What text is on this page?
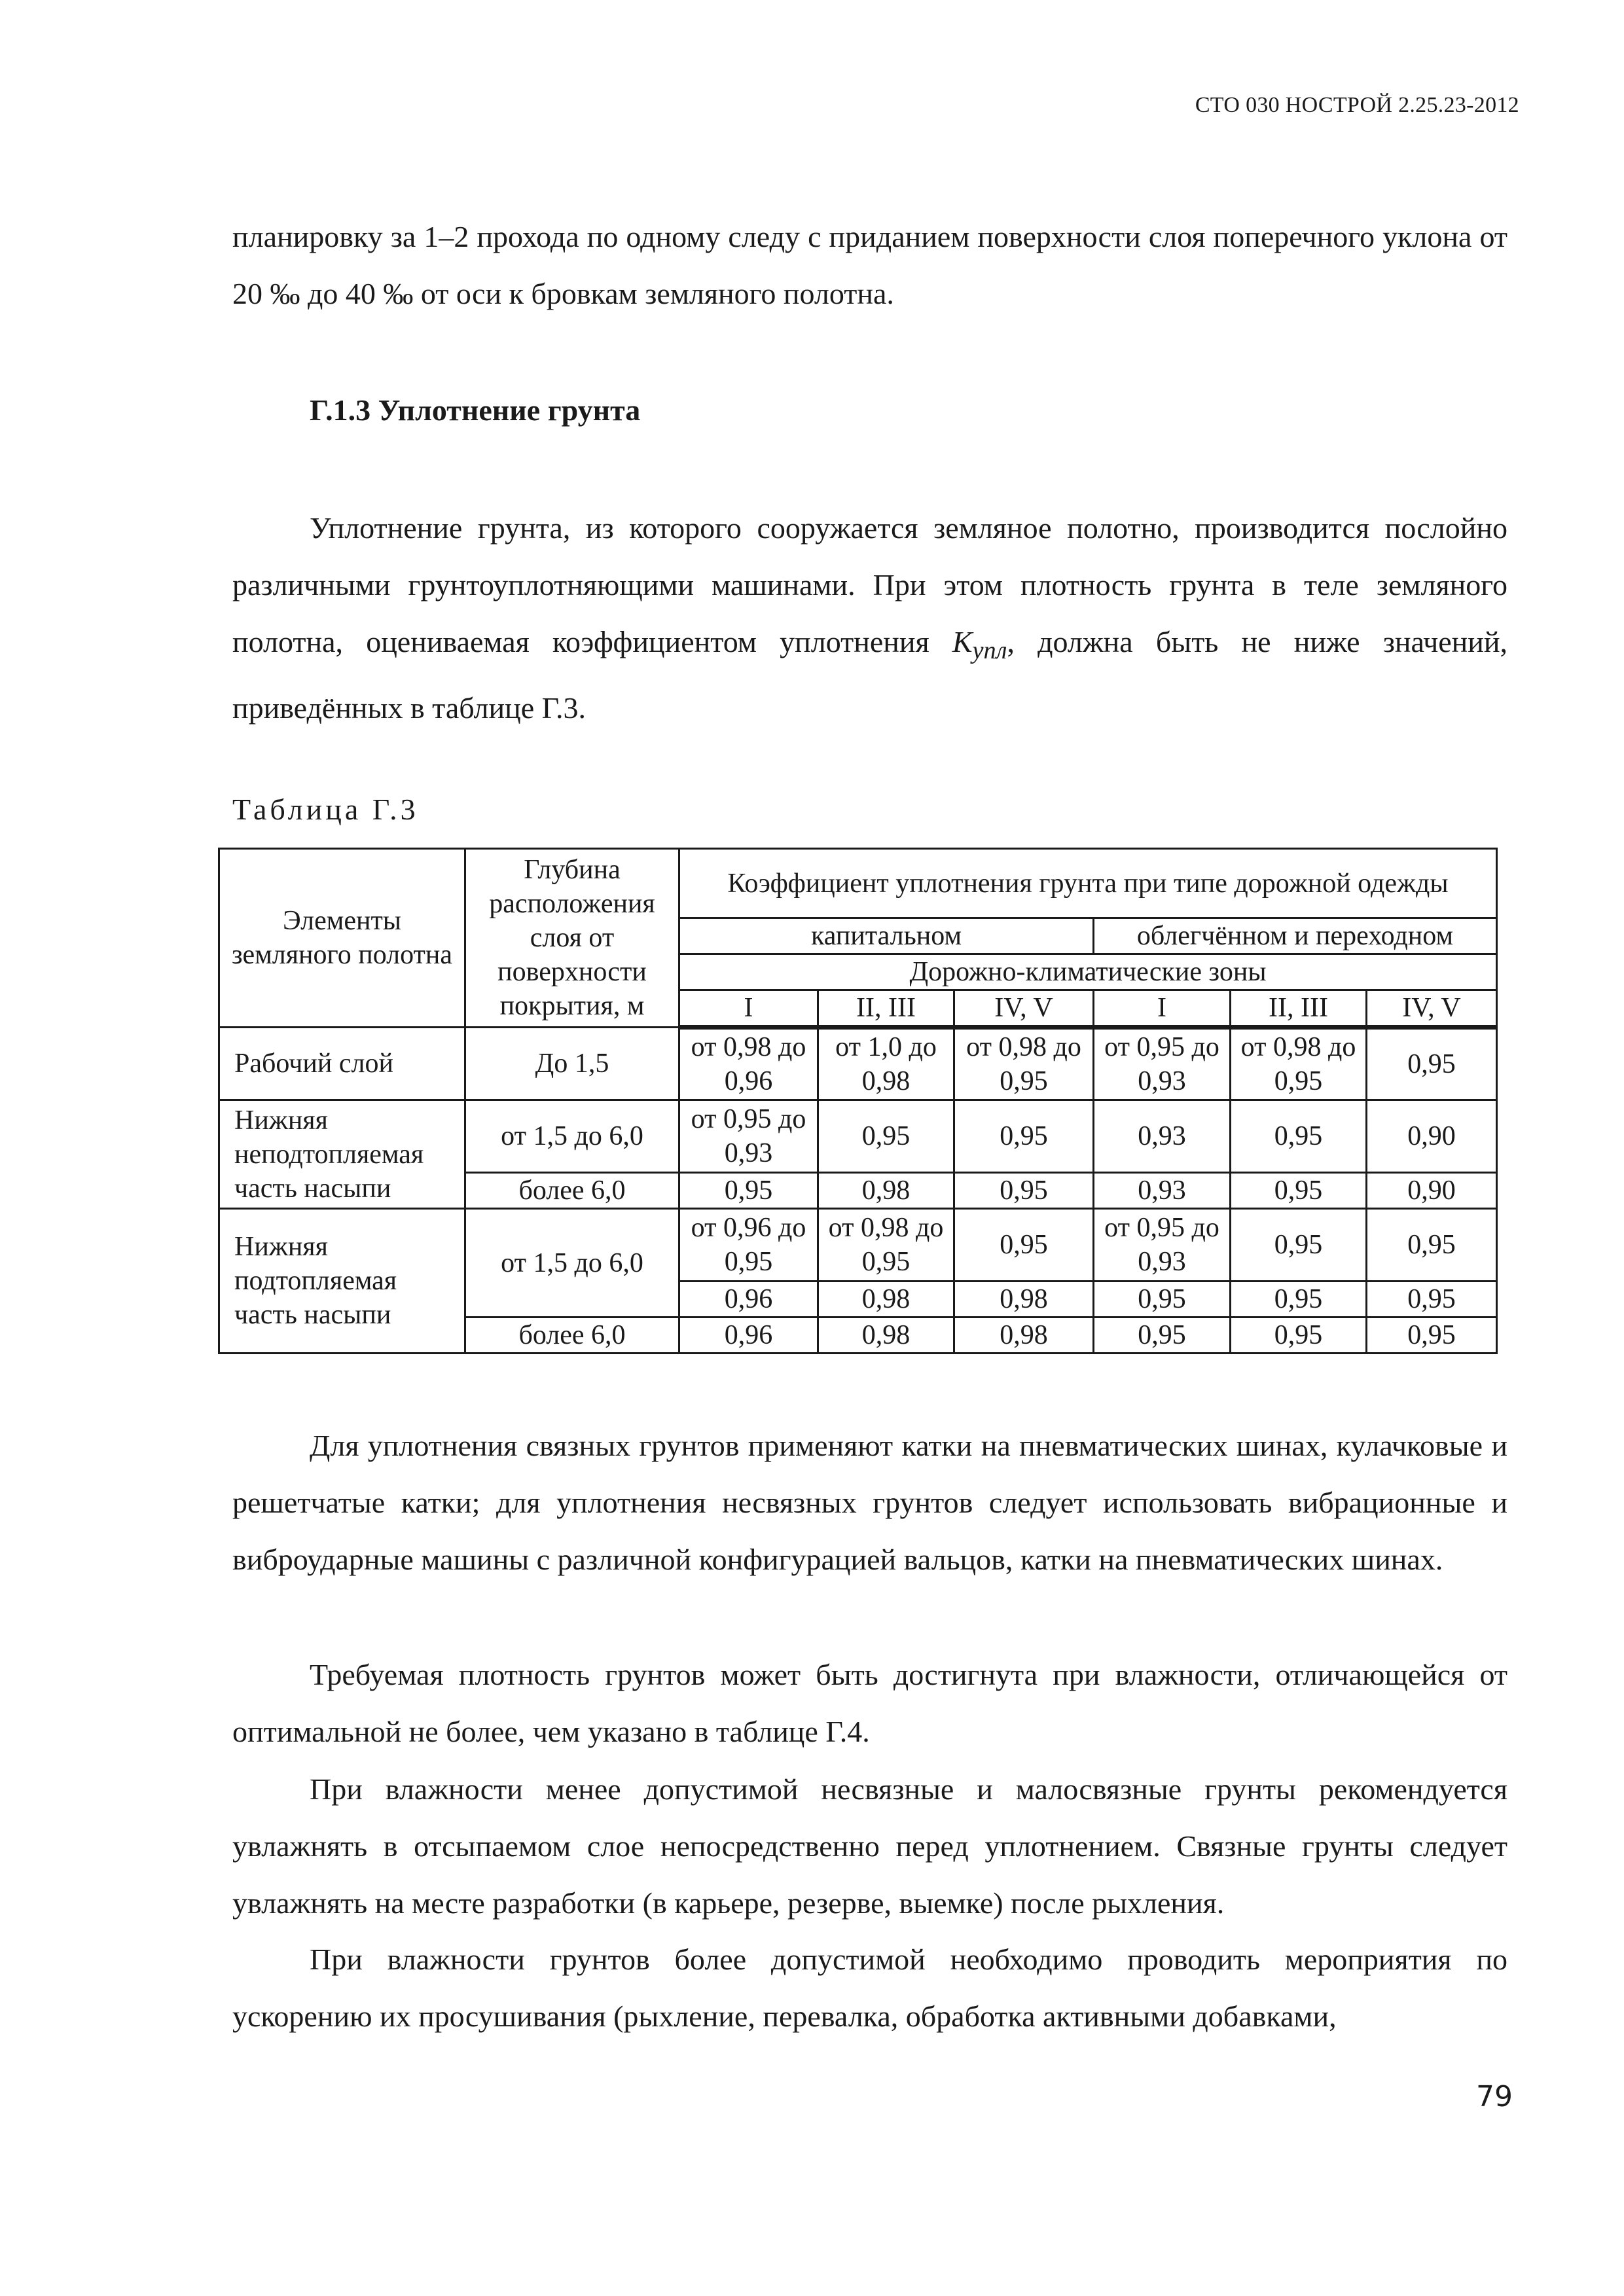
СТО 030 НОСТРОЙ 2.25.23-2012

планировку за 1–2 прохода по одному следу с приданием поверхности слоя поперечного уклона от 20 ‰ до 40 ‰ от оси к бровкам земляного полотна.

Г.1.3 Уплотнение грунта

Уплотнение грунта, из которого сооружается земляное полотно, производится послойно различными грунтоуплотняющими машинами. При этом плотность грунта в теле земляного полотна, оцениваемая коэффициентом уплотнения $K_{упл}$, должна быть не ниже значений, приведённых в таблице Г.3.

Таблица Г.3
Элементы земляного полотна	Глубина расположения слоя от поверхности покрытия, м	Коэффициент уплотнения грунта при типе дорожной одежды					
		капитальном			облегчённом и переходном		
		Дорожно-климатические зоны					
		I	II, III	IV, V	I	II, III	IV, V
Рабочий слой	До 1,5	от 0,98 до 0,96	от 1,0 до 0,98	от 0,98 до 0,95	от 0,95 до 0,93	от 0,98 до 0,95	0,95
Нижняя неподтопляемая часть насыпи	от 1,5 до 6,0	от 0,95 до 0,93	0,95	0,95	0,93	0,95	0,90
	более 6,0	0,95	0,98	0,95	0,93	0,95	0,90
Нижняя подтопляемая часть насыпи	от 1,5 до 6,0	от 0,96 до 0,95	от 0,98 до 0,95	0,95	от 0,95 до 0,93	0,95	0,95
		0,96	0,98	0,98	0,95	0,95	0,95
	более 6,0	0,96	0,98	0,98	0,95	0,95	0,95

Для уплотнения связных грунтов применяют катки на пневматических шинах, кулачковые и решетчатые катки; для уплотнения несвязных грунтов следует использовать вибрационные и виброударные машины с различной конфигурацией вальцов, катки на пневматических шинах.

Требуемая плотность грунтов может быть достигнута при влажности, отличающейся от оптимальной не более, чем указано в таблице Г.4.

При влажности менее допустимой несвязные и малосвязные грунты рекомендуется увлажнять в отсыпаемом слое непосредственно перед уплотнением. Связные грунты следует увлажнять на месте разработки (в карьере, резерве, выемке) после рыхления.

При влажности грунтов более допустимой необходимо проводить мероприятия по ускорению их просушивания (рыхление, перевалка, обработка активными добавками,

79
